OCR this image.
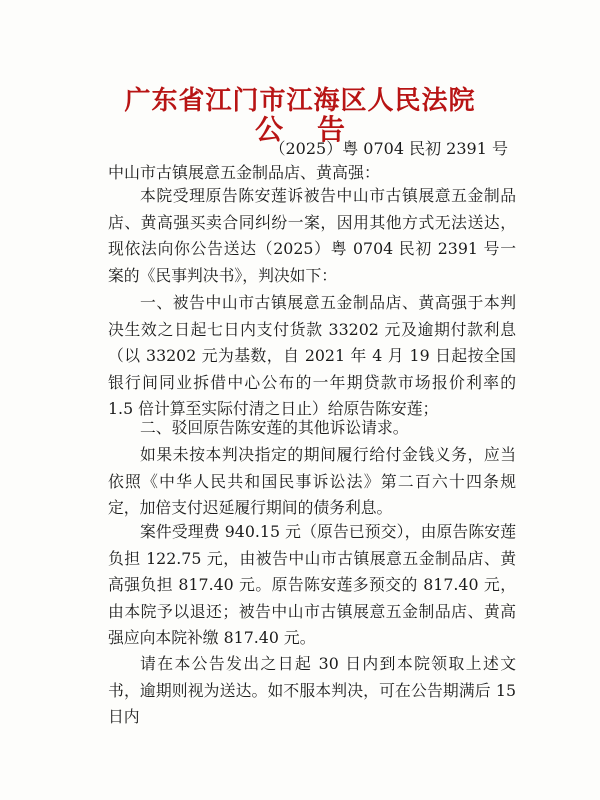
广东省江门市江海区人民法院
公告

（2025）粤 0704 民初 2391 号

中山市古镇展意五金制品店、黄高强：

本院受理原告陈安莲诉被告中山市古镇展意五金制品店、黄高强买卖合同纠纷一案，因用其他方式无法送达，现依法向你公告送达（2025）粤 0704 民初 2391 号一案的《民事判决书》，判决如下：

一、被告中山市古镇展意五金制品店、黄高强于本判决生效之日起七日内支付货款 33202 元及逾期付款利息（以 33202 元为基数，自 2021 年 4 月 19 日起按全国银行间同业拆借中心公布的一年期贷款市场报价利率的 1.5 倍计算至实际付清之日止）给原告陈安莲；

二、驳回原告陈安莲的其他诉讼请求。

如果未按本判决指定的期间履行给付金钱义务，应当依照《中华人民共和国民事诉讼法》第二百六十四条规定，加倍支付迟延履行期间的债务利息。

案件受理费 940.15 元（原告已预交），由原告陈安莲负担 122.75 元，由被告中山市古镇展意五金制品店、黄高强负担 817.40 元。原告陈安莲多预交的 817.40 元，由本院予以退还；被告中山市古镇展意五金制品店、黄高强应向本院补缴 817.40 元。

请在本公告发出之日起 30 日内到本院领取上述文书，逾期则视为送达。如不服本判决，可在公告期满后 15 日内
